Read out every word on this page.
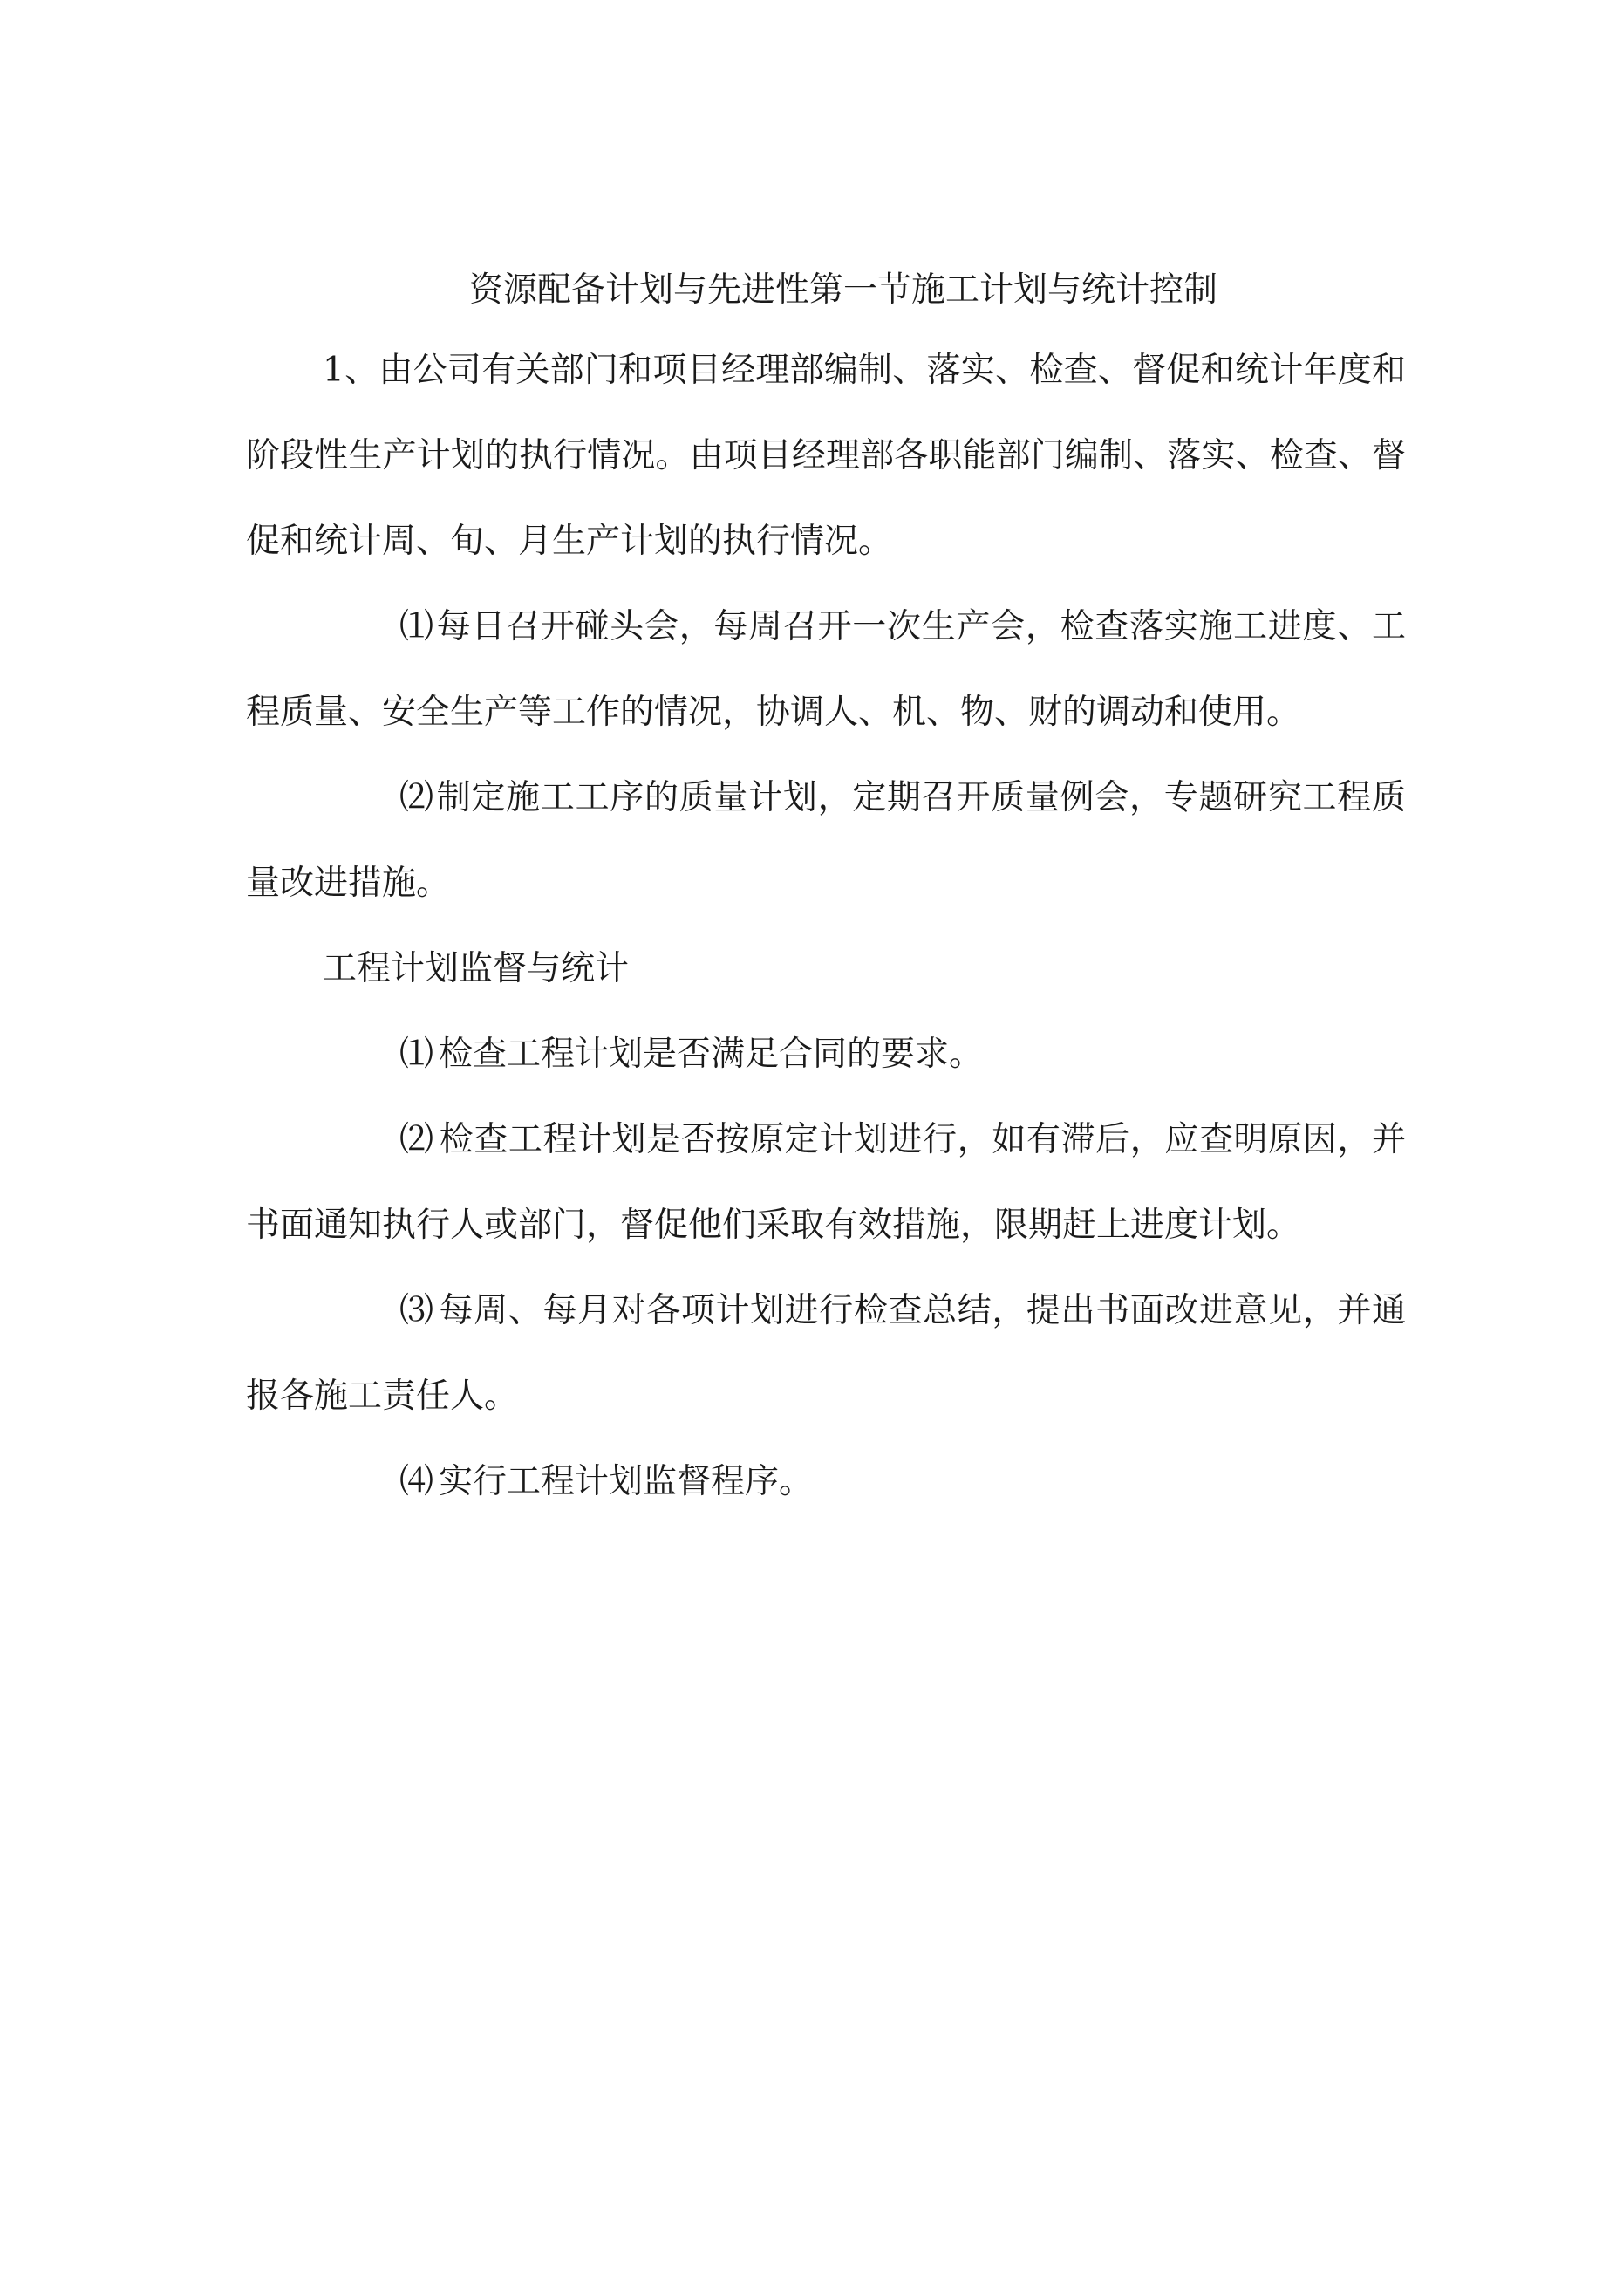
资源配备计划与先进性第一节施工计划与统计控制

1、由公司有关部门和项目经理部编制、落实、检查、督促和统计年度和阶段性生产计划的执行情况。由项目经理部各职能部门编制、落实、检查、督促和统计周、旬、月生产计划的执行情况。

⑴每日召开碰头会，每周召开一次生产会，检查落实施工进度、工程质量、安全生产等工作的情况，协调人、机、物、财的调动和使用。

⑵制定施工工序的质量计划，定期召开质量例会，专题研究工程质量改进措施。

工程计划监督与统计

⑴ 检查工程计划是否满足合同的要求。

⑵ 检查工程计划是否按原定计划进行，如有滞后，应查明原因，并书面通知执行人或部门，督促他们采取有效措施，限期赶上进度计划。

⑶ 每周、每月对各项计划进行检查总结，提出书面改进意见，并通报各施工责任人。

⑷ 实行工程计划监督程序。
